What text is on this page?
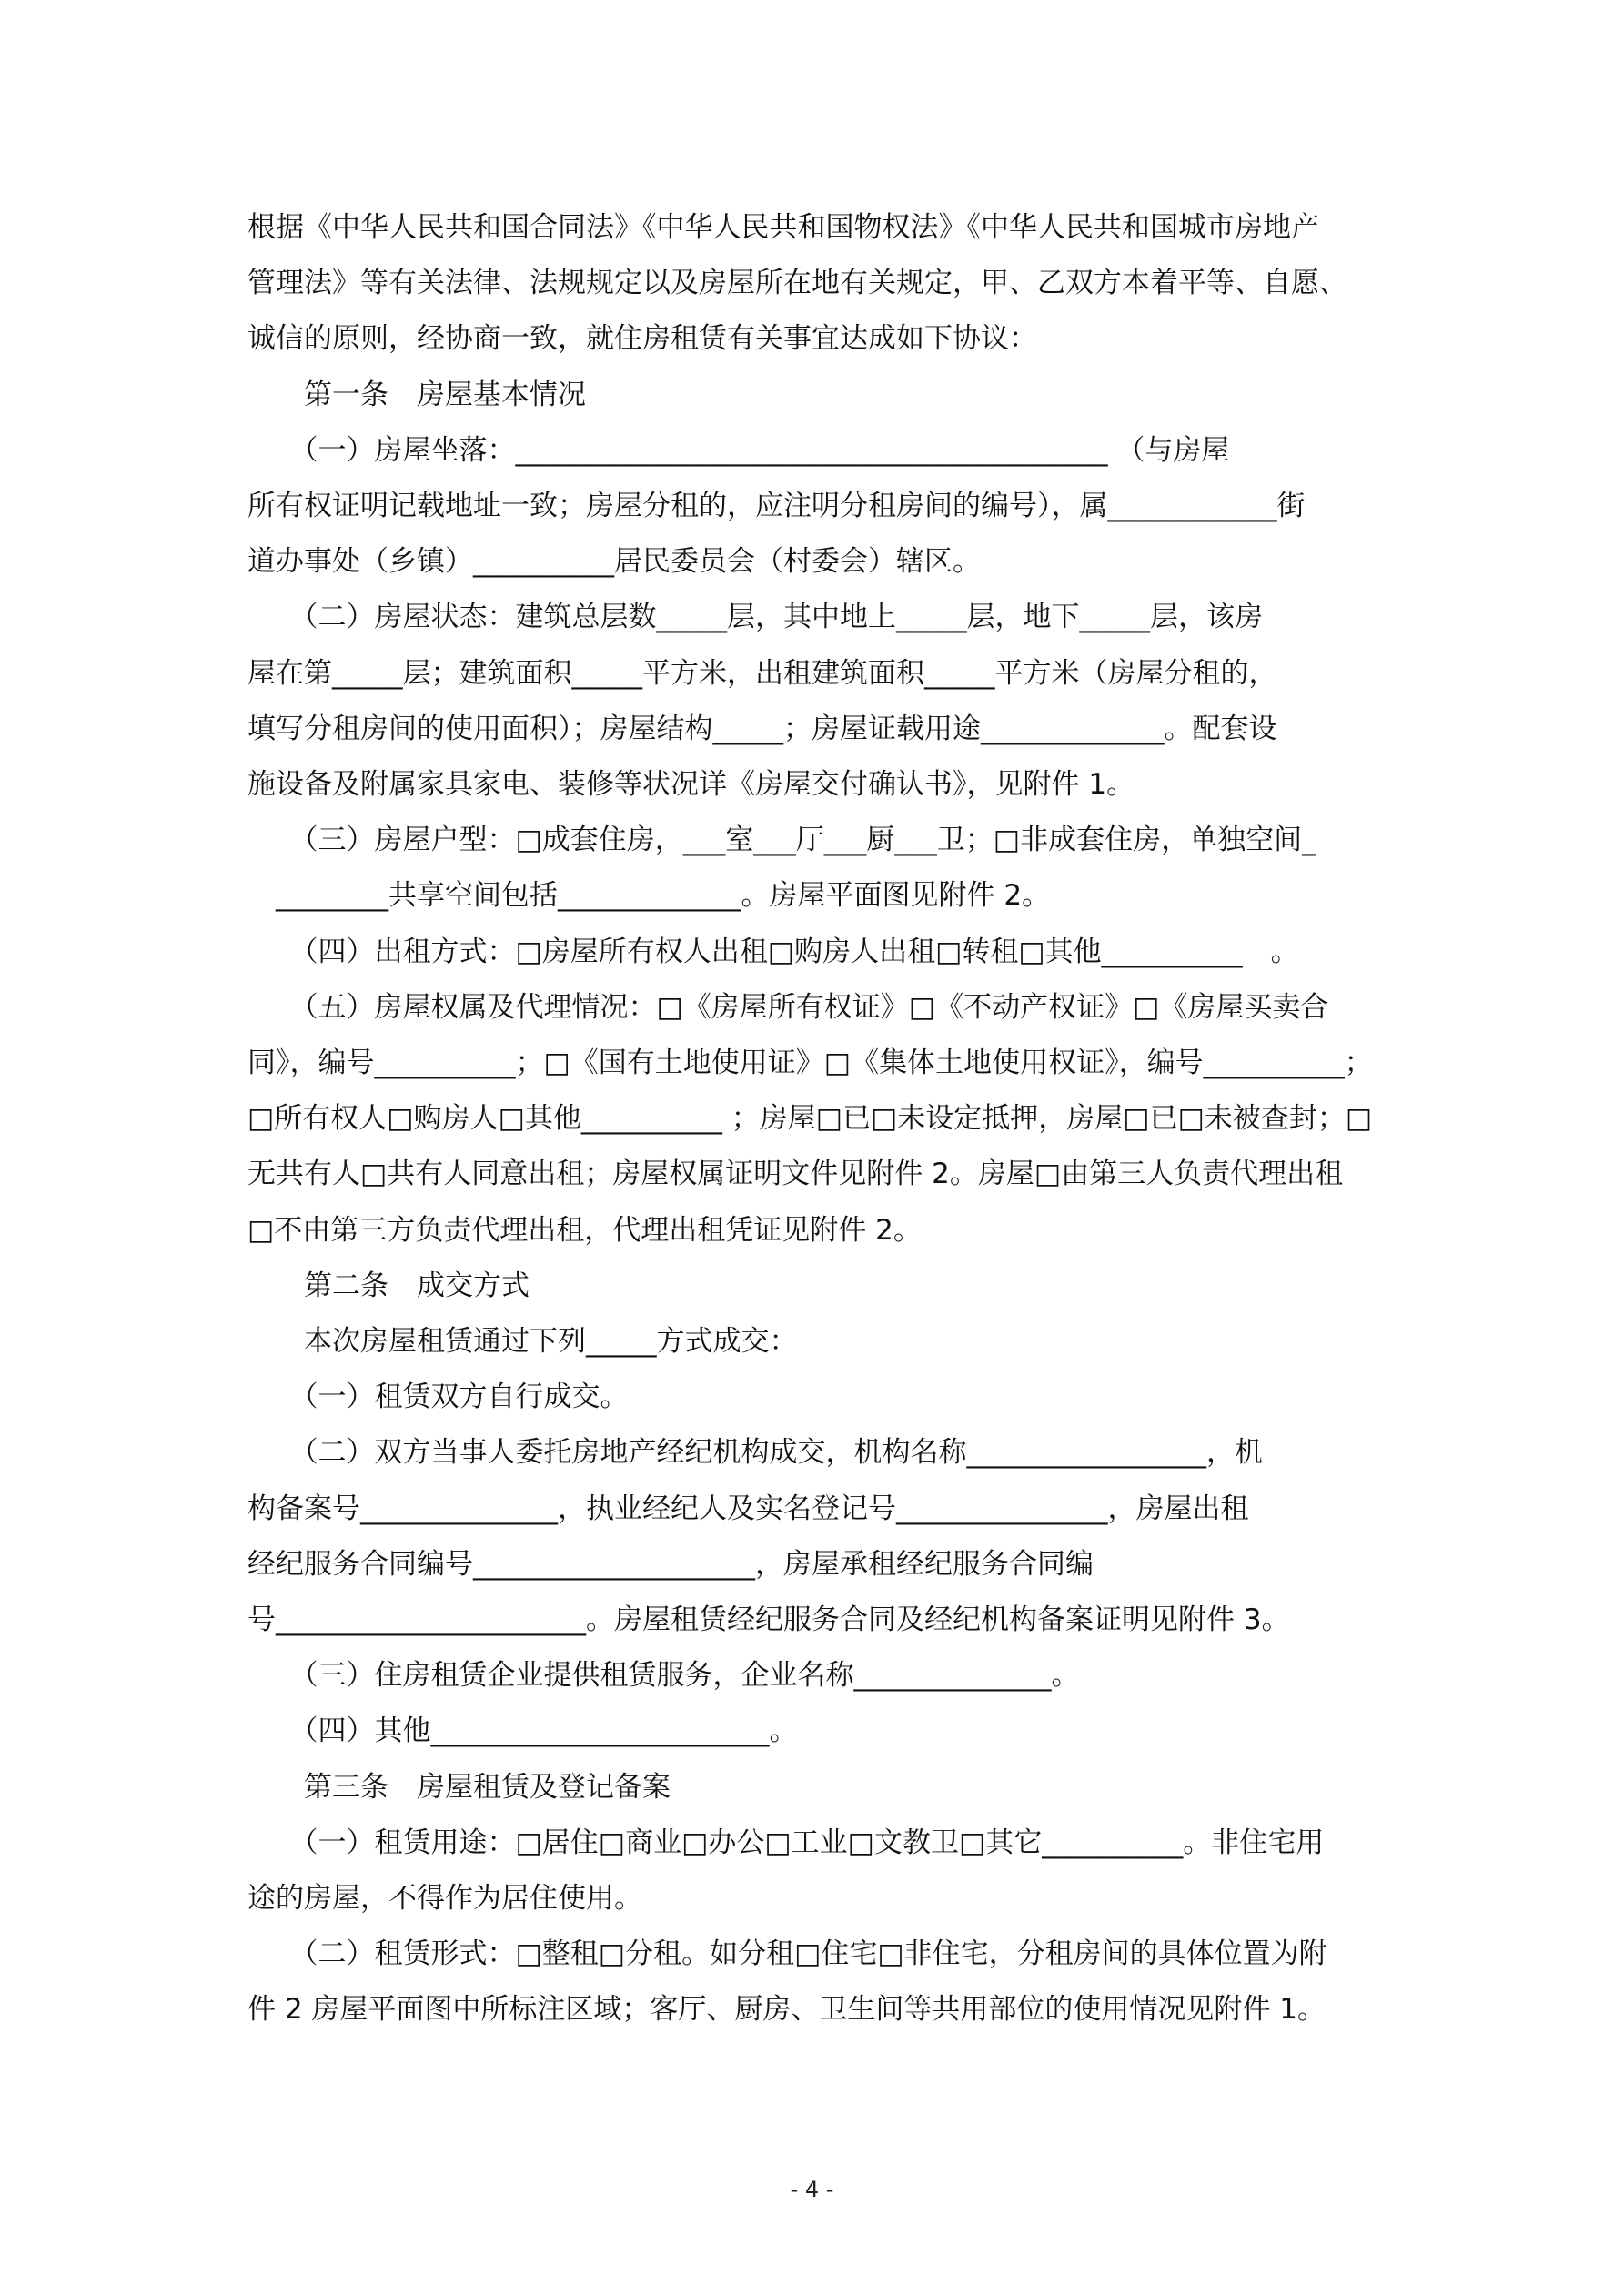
根据《中华人民共和国合同法》《中华人民共和国物权法》《中华人民共和国城市房地产
管理法》等有关法律、法规规定以及房屋所在地有关规定，甲、乙双方本着平等、自愿、
诚信的原则，经协商一致，就住房租赁有关事宜达成如下协议：
　　第一条　房屋基本情况
　　（一）房屋坐落：__________________________________________ （与房屋
所有权证明记载地址一致；房屋分租的，应注明分租房间的编号），属____________街
道办事处（乡镇）__________居民委员会（村委会）辖区。
　　（二）房屋状态：建筑总层数_____层，其中地上_____层，地下_____层，该房
屋在第_____层；建筑面积_____平方米，出租建筑面积_____平方米（房屋分租的，
填写分租房间的使用面积）；房屋结构_____；房屋证载用途_____________。配套设
施设备及附属家具家电、装修等状况详《房屋交付确认书》，见附件 1。
　　（三）房屋户型：□成套住房，___室___厅___厨___卫；□非成套住房，单独空间_
　________共享空间包括_____________。房屋平面图见附件 2。
　　（四）出租方式：□房屋所有权人出租□购房人出租□转租□其他__________　。
　　（五）房屋权属及代理情况：□《房屋所有权证》□《不动产权证》□《房屋买卖合
同》，编号__________；□《国有土地使用证》□《集体土地使用权证》，编号__________；
□所有权人□购房人□其他__________ ；房屋□已□未设定抵押，房屋□已□未被查封；□
无共有人□共有人同意出租；房屋权属证明文件见附件 2。房屋□由第三人负责代理出租
□不由第三方负责代理出租，代理出租凭证见附件 2。
　　第二条　成交方式
　　本次房屋租赁通过下列_____方式成交：
　　（一）租赁双方自行成交。
　　（二）双方当事人委托房地产经纪机构成交，机构名称_________________，机
构备案号______________，执业经纪人及实名登记号_______________，房屋出租
经纪服务合同编号____________________，房屋承租经纪服务合同编
号______________________。房屋租赁经纪服务合同及经纪机构备案证明见附件 3。
　　（三）住房租赁企业提供租赁服务，企业名称______________。
　　（四）其他________________________。
　　第三条　房屋租赁及登记备案
　　（一）租赁用途：□居住□商业□办公□工业□文教卫□其它__________。非住宅用
途的房屋，不得作为居住使用。
　　（二）租赁形式：□整租□分租。如分租□住宅□非住宅，分租房间的具体位置为附
件 2 房屋平面图中所标注区域；客厅、厨房、卫生间等共用部位的使用情况见附件 1。
- 4 -
